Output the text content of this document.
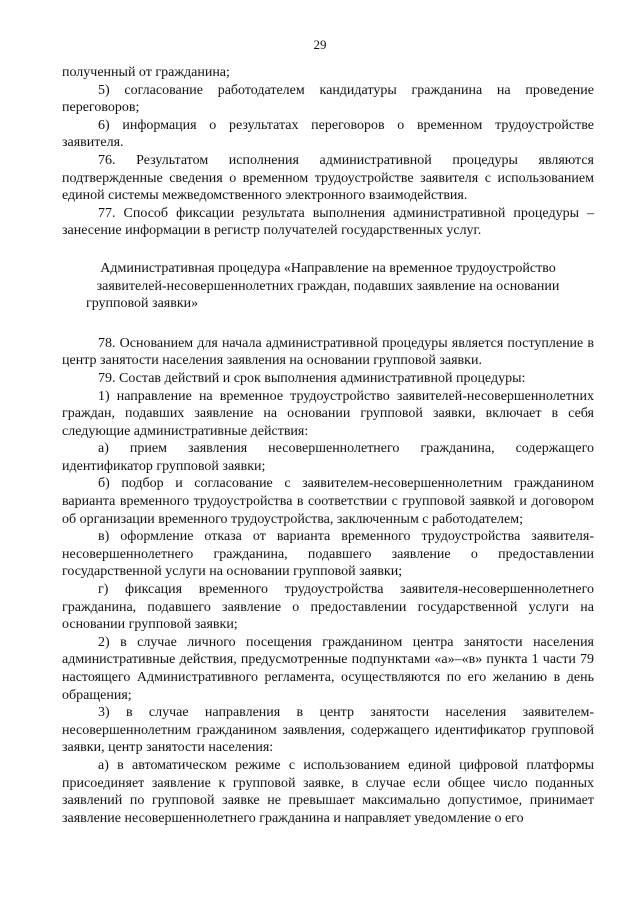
29

полученный от гражданина;

5) согласование работодателем кандидатуры гражданина на проведение переговоров;

6) информация о результатах переговоров о временном трудоустройстве заявителя.

76. Результатом исполнения административной процедуры являются подтвержденные сведения о временном трудоустройстве заявителя с использованием единой системы межведомственного электронного взаимодействия.

77. Способ фиксации результата выполнения административной процедуры – занесение информации в регистр получателей государственных услуг.

Административная процедура «Направление на временное трудоустройство заявителей-несовершеннолетних граждан, подавших заявление на основании групповой заявки»

78. Основанием для начала административной процедуры является поступление в центр занятости населения заявления на основании групповой заявки.

79. Состав действий и срок выполнения административной процедуры:

1) направление на временное трудоустройство заявителей-несовершеннолетних граждан, подавших заявление на основании групповой заявки, включает в себя следующие административные действия:

а) прием заявления несовершеннолетнего гражданина, содержащего идентификатор групповой заявки;

б) подбор и согласование с заявителем-несовершеннолетним гражданином варианта временного трудоустройства в соответствии с групповой заявкой и договором об организации временного трудоустройства, заключенным с работодателем;

в) оформление отказа от варианта временного трудоустройства заявителя-несовершеннолетнего гражданина, подавшего заявление о предоставлении государственной услуги на основании групповой заявки;

г) фиксация временного трудоустройства заявителя-несовершеннолетнего гражданина, подавшего заявление о предоставлении государственной услуги на основании групповой заявки;

2) в случае личного посещения гражданином центра занятости населения административные действия, предусмотренные подпунктами «а»–«в» пункта 1 части 79 настоящего Административного регламента, осуществляются по его желанию в день обращения;

3) в случае направления в центр занятости населения заявителем-несовершеннолетним гражданином заявления, содержащего идентификатор групповой заявки, центр занятости населения:

а) в автоматическом режиме с использованием единой цифровой платформы присоединяет заявление к групповой заявке, в случае если общее число поданных заявлений по групповой заявке не превышает максимально допустимое, принимает заявление несовершеннолетнего гражданина и направляет уведомление о его
